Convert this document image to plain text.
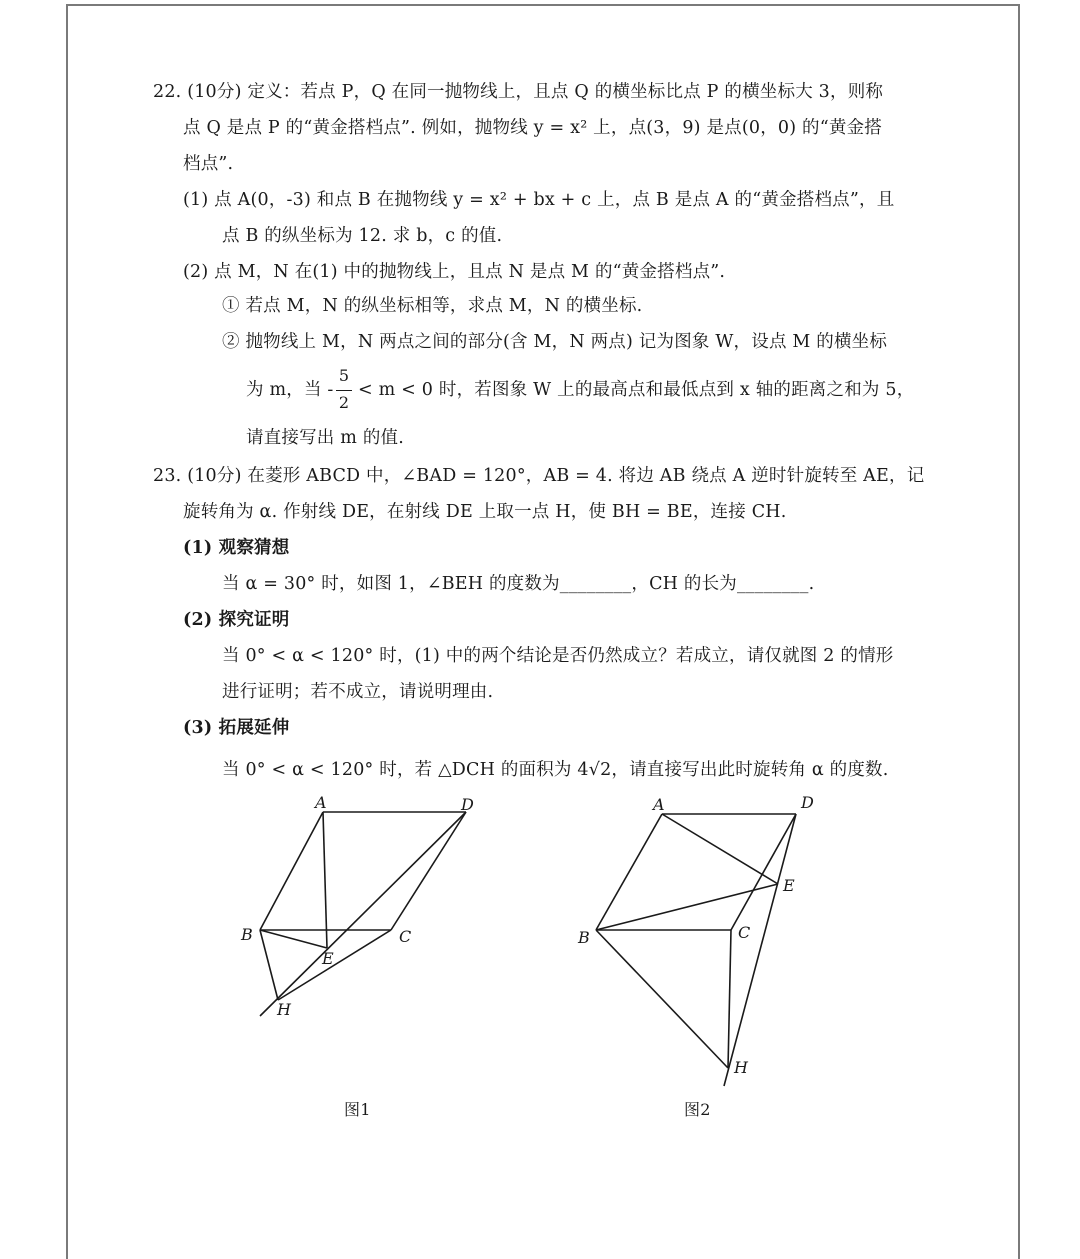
22. (10分) 定义：若点 P，Q 在同一抛物线上，且点 Q 的横坐标比点 P 的横坐标大 3，则称
点 Q 是点 P 的“黄金搭档点”. 例如，抛物线 y = x² 上，点(3，9) 是点(0，0) 的“黄金搭
档点”.
(1) 点 A(0，-3) 和点 B 在抛物线 y = x² + bx + c 上，点 B 是点 A 的“黄金搭档点”，且
点 B 的纵坐标为 12. 求 b，c 的值.
(2) 点 M，N 在(1) 中的抛物线上，且点 N 是点 M 的“黄金搭档点”.
① 若点 M，N 的纵坐标相等，求点 M，N 的横坐标.
② 抛物线上 M，N 两点之间的部分(含 M，N 两点) 记为图象 W，设点 M 的横坐标
为 m，当 -
5
2
< m < 0 时，若图象 W 上的最高点和最低点到 x 轴的距离之和为 5，
请直接写出 m 的值.
23. (10分) 在菱形 ABCD 中，∠BAD = 120°，AB = 4. 将边 AB 绕点 A 逆时针旋转至 AE，记
旋转角为 α. 作射线 DE，在射线 DE 上取一点 H，使 BH = BE，连接 CH.
(1) 观察猜想
当 α = 30° 时，如图 1，∠BEH 的度数为________，CH 的长为________.
(2) 探究证明
当 0° < α < 120° 时，(1) 中的两个结论是否仍然成立？若成立，请仅就图 2 的情形
进行证明；若不成立，请说明理由.
(3) 拓展延伸
当 0° < α < 120° 时，若 △DCH 的面积为 4√2，请直接写出此时旋转角 α 的度数.
A	D
B	C
E
H
图1
A	D
B	C
E
H
图2
